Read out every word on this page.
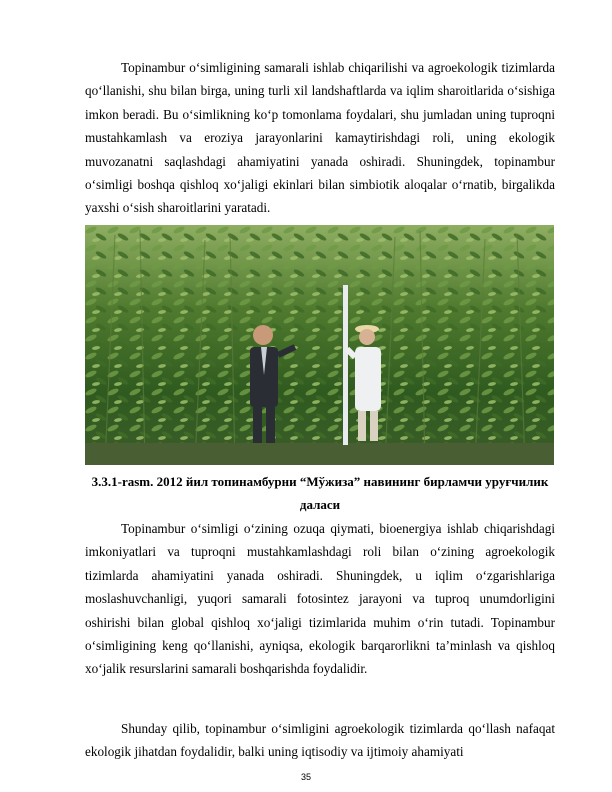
Topinambur o‘simligining samarali ishlab chiqarilishi va agroekologik tizimlarda qo‘llanishi, shu bilan birga, uning turli xil landshaftlarda va iqlim sharoitlarida o‘sishiga imkon beradi. Bu o‘simlikning ko‘p tomonlama foydalari, shu jumladan uning tuproqni mustahkamlash va eroziya jarayonlarini kamaytirishdagi roli, uning ekologik muvozanatni saqlashdagi ahamiyatini yanada oshiradi. Shuningdek, topinambur o‘simligi boshqa qishloq xo‘jaligi ekinlari bilan simbiotik aloqalar o‘rnatib, birgalikda yaxshi o‘sish sharoitlarini yaratadi.

3.3.1-rasm. 2012 йил топинамбурни “Мўжиза” навининг бирламчи уруғчилик даласи

Topinambur o‘simligi o‘zining ozuqa qiymati, bioenergiya ishlab chiqarishdagi imkoniyatlari va tuproqni mustahkamlashdagi roli bilan o‘zining agroekologik tizimlarda ahamiyatini yanada oshiradi. Shuningdek, u iqlim o‘zgarishlariga moslashuvchanligi, yuqori samarali fotosintez jarayoni va tuproq unumdorligini oshirishi bilan global qishloq xo‘jaligi tizimlarida muhim o‘rin tutadi. Topinambur o‘simligining keng qo‘llanishi, ayniqsa, ekologik barqarorlikni ta’minlash va qishloq xo‘jalik resurslarini samarali boshqarishda foydalidir.

Shunday qilib, topinambur o‘simligini agroekologik tizimlarda qo‘llash nafaqat ekologik jihatdan foydalidir, balki uning iqtisodiy va ijtimoiy ahamiyati

35
